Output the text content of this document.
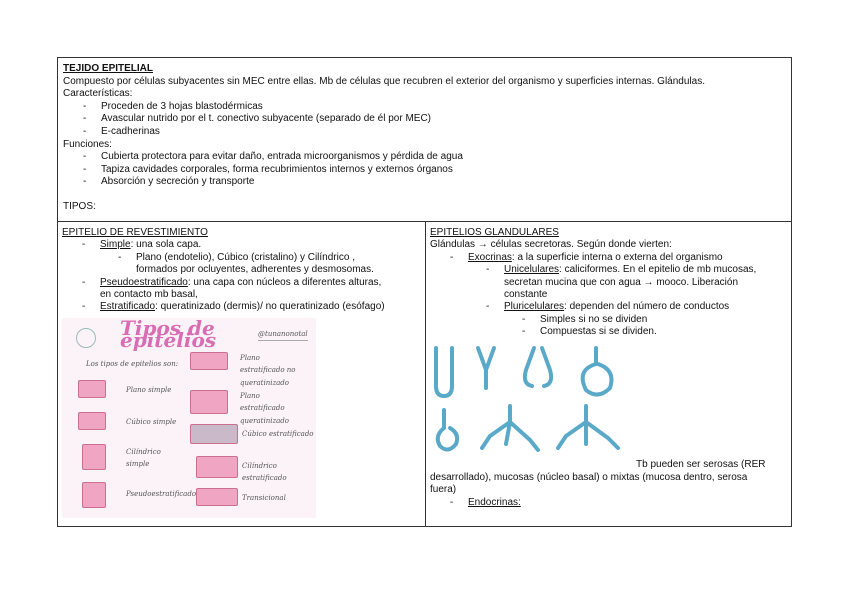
TEJIDO EPITELIAL
Compuesto por células subyacentes sin MEC entre ellas. Mb de células que recubren el exterior del organismo y superficies internas. Glándulas.
Características:
- Proceden de 3 hojas blastodérmicas
- Avascular nutrido por el t. conectivo subyacente (separado de él por MEC)
- E-cadherinas
Funciones:
- Cubierta protectora para evitar daño, entrada microorganismos y pérdida de agua
- Tapiza cavidades corporales, forma recubrimientos internos y externos órganos
- Absorción y secreción y transporte
TIPOS:
EPITELIO DE REVESTIMIENTO
- Simple: una sola capa.
- Plano (endotelio), Cúbico (cristalino) y Cilíndrico ,
formados por ocluyentes, adherentes y desmosomas.
- Pseudoestratificado: una capa con núcleos a diferentes alturas,
en contacto mb basal,
- Estratificado: queratinizado (dermis)/ no queratinizado (esófago)
Tipos de epitelios	@tunanonotal
Los tipos de epitelios son:
Plano simple
Cúbico simple
Cilíndrico simple
Pseudoestratificado
Plano estratificado no queratinizado
Plano estratificado queratinizado
Cúbico estratificado
Cilíndrico estratificado
Transicional
EPITELIOS GLANDULARES
Glándulas → células secretoras. Según donde vierten:
- Exocrinas: a la superficie interna o externa del organismo
- Unicelulares: caliciformes. En el epitelio de mb mucosas,
secretan mucina que con agua → mooco. Liberación
constante
- Pluricelulares: dependen del número de conductos
- Simples si no se dividen
- Compuestas si se dividen.
Tb pueden ser serosas (RER
desarrollado), mucosas (núcleo basal) o mixtas (mucosa dentro, serosa
fuera)
- Endocrinas:
